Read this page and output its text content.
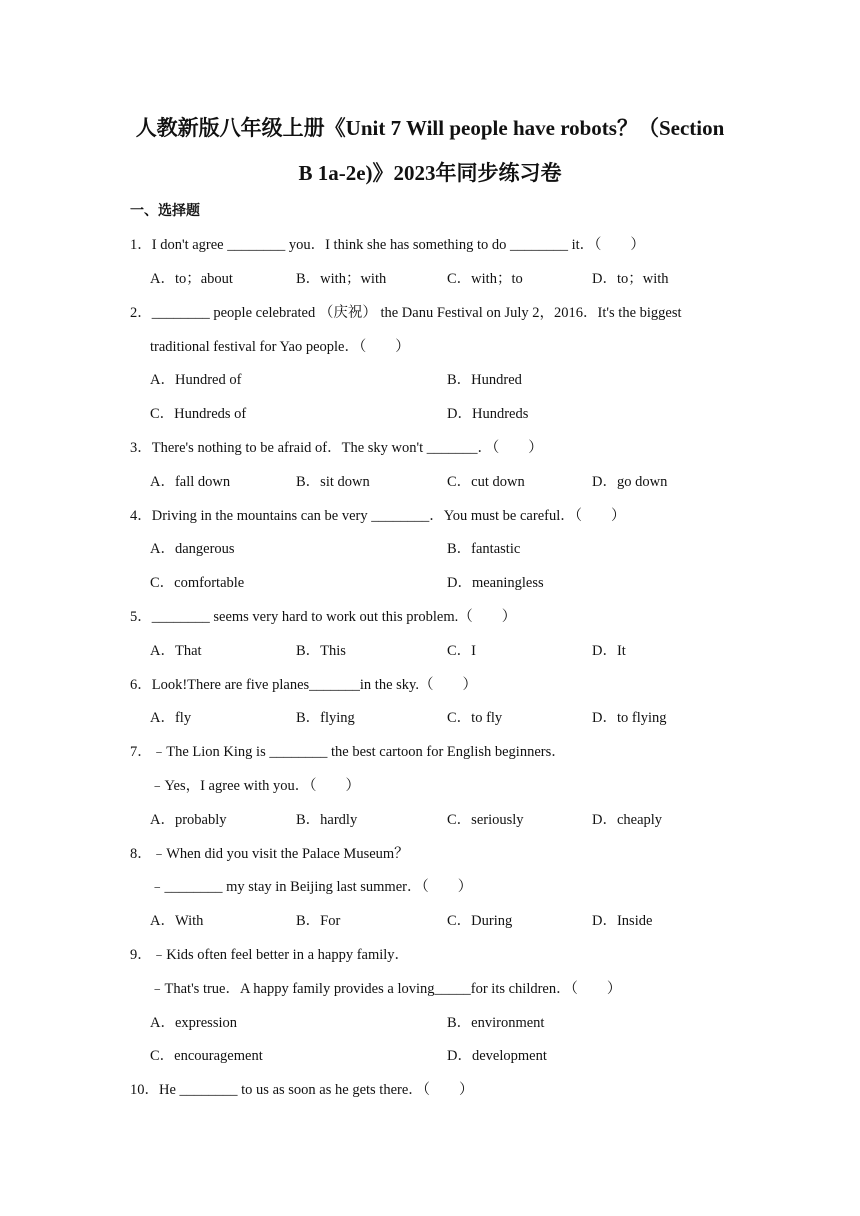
人教新版八年级上册《Unit 7 Will people have robots？（Section
B 1a-2e)》2023年同步练习卷
一、选择题
1．I don't agree ________ you．I think she has something to do ________ it．（　　）
A．to；about	B．with；with	C．with；to	D．to；with
2．________ people celebrated （庆祝） the Danu Festival on July 2，2016．It's the biggest
traditional festival for Yao people．（　　）
A．Hundred of	B．Hundred
C．Hundreds of	D．Hundreds
3．There's nothing to be afraid of．The sky won't _______．（　　）
A．fall down	B．sit down	C．cut down	D．go down
4．Driving in the mountains can be very ________．You must be careful．（　　）
A．dangerous	B．fantastic
C．comfortable	D．meaningless
5．________ seems very hard to work out this problem.（　　）
A．That	B．This	C．I	D．It
6．Look!There are five planes_______in the sky.（　　）
A．fly	B．flying	C．to fly	D．to flying
7．﹣The Lion King is ________ the best cartoon for English beginners．
﹣Yes，I agree with you．（　　）
A．probably	B．hardly	C．seriously	D．cheaply
8．﹣When did you visit the Palace Museum？
﹣________ my stay in Beijing last summer．（　　）
A．With	B．For	C．During	D．Inside
9．﹣Kids often feel better in a happy family．
﹣That's true．A happy family provides a loving_____for its children．（　　）
A．expression	B．environment
C．encouragement	D．development
10．He ________ to us as soon as he gets there．（　　）
